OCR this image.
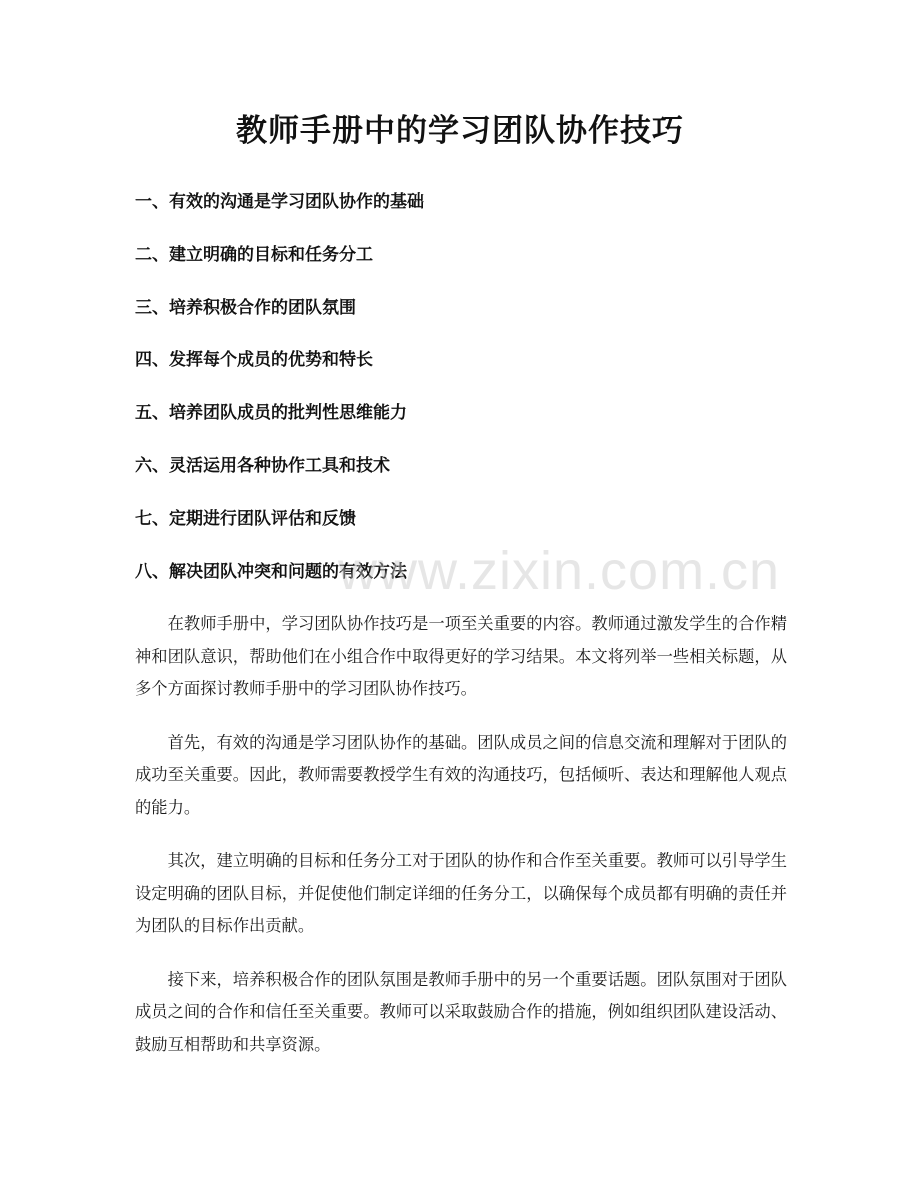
教师手册中的学习团队协作技巧
一、有效的沟通是学习团队协作的基础
二、建立明确的目标和任务分工
三、培养积极合作的团队氛围
四、发挥每个成员的优势和特长
五、培养团队成员的批判性思维能力
六、灵活运用各种协作工具和技术
七、定期进行团队评估和反馈
八、解决团队冲突和问题的有效方法

在教师手册中，学习团队协作技巧是一项至关重要的内容。教师通过激发学生的合作精神和团队意识，帮助他们在小组合作中取得更好的学习结果。本文将列举一些相关标题，从多个方面探讨教师手册中的学习团队协作技巧。

首先，有效的沟通是学习团队协作的基础。团队成员之间的信息交流和理解对于团队的成功至关重要。因此，教师需要教授学生有效的沟通技巧，包括倾听、表达和理解他人观点的能力。

其次，建立明确的目标和任务分工对于团队的协作和合作至关重要。教师可以引导学生设定明确的团队目标，并促使他们制定详细的任务分工，以确保每个成员都有明确的责任并为团队的目标作出贡献。

接下来，培养积极合作的团队氛围是教师手册中的另一个重要话题。团队氛围对于团队成员之间的合作和信任至关重要。教师可以采取鼓励合作的措施，例如组织团队建设活动、鼓励互相帮助和共享资源。

www.zixin.com.cn
